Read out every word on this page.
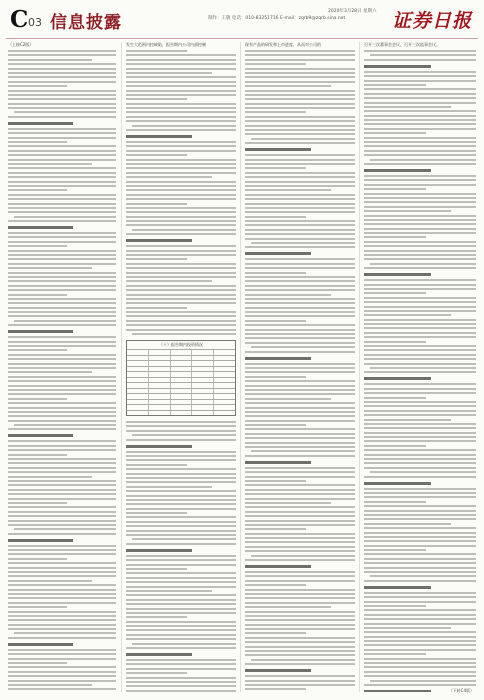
C 03 信息披露	制作：王敬 电话：010-83251716 E-mail：zqrb9@zqrb.sina.net
2020年3月28日 星期六 证券日报
（上接C2版）	发生大范围内控缺陷，报告期内公司内部控制
（十）报告期内投资情况
现有产品的研发和上市进度，从而对公司的	召开三次董事会会议，召开三次监事会议。
（下转C4版）
